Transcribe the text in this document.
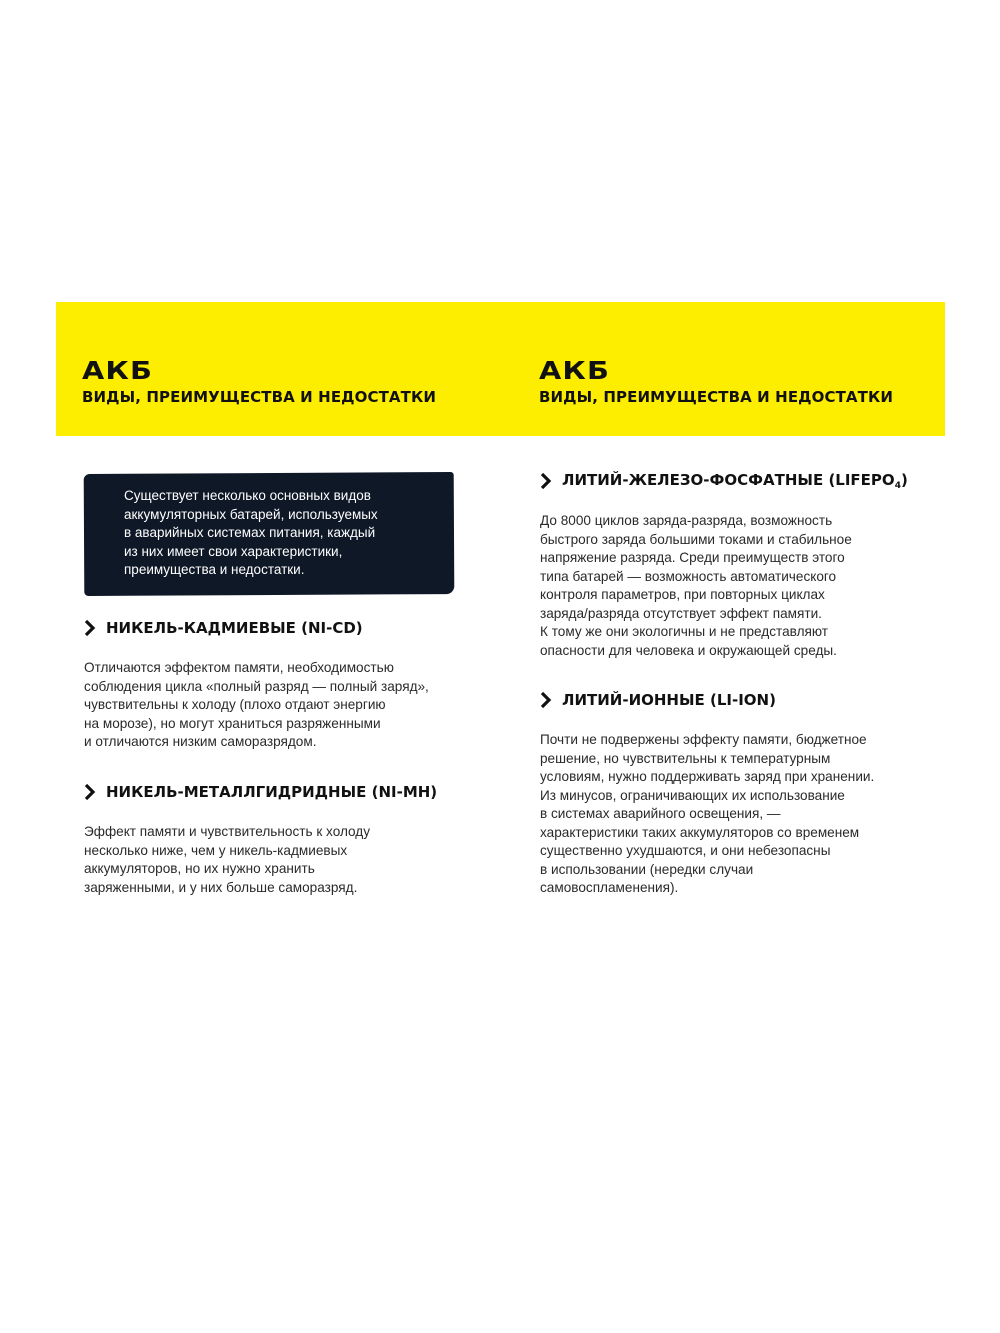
АКБ
ВИДЫ, ПРЕИМУЩЕСТВА И НЕДОСТАТКИ
АКБ
ВИДЫ, ПРЕИМУЩЕСТВА И НЕДОСТАТКИ
Существует несколько основных видов
аккумуляторных батарей, используемых
в аварийных системах питания, каждый
из них имеет свои характеристики,
преимущества и недостатки.
НИКЕЛЬ-КАДМИЕВЫЕ (NI-CD)
Отличаются эффектом памяти, необходимостью
соблюдения цикла «полный разряд — полный заряд»,
чувствительны к холоду (плохо отдают энергию
на морозе), но могут храниться разряженными
и отличаются низким саморазрядом.
НИКЕЛЬ-МЕТАЛЛГИДРИДНЫЕ (NI-MH)
Эффект памяти и чувствительность к холоду
несколько ниже, чем у никель-кадмиевых
аккумуляторов, но их нужно хранить
заряженными, и у них больше саморазряд.
ЛИТИЙ-ЖЕЛЕЗО-ФОСФАТНЫЕ $(LIFEPO_4)$
До 8000 циклов заряда-разряда, возможность
быстрого заряда большими токами и стабильное
напряжение разряда. Среди преимуществ этого
типа батарей — возможность автоматического
контроля параметров, при повторных циклах
заряда/разряда отсутствует эффект памяти.
К тому же они экологичны и не представляют
опасности для человека и окружающей среды.
ЛИТИЙ-ИОННЫЕ (LI-ION)
Почти не подвержены эффекту памяти, бюджетное
решение, но чувствительны к температурным
условиям, нужно поддерживать заряд при хранении.
Из минусов, ограничивающих их использование
в системах аварийного освещения, —
характеристики таких аккумуляторов со временем
существенно ухудшаются, и они небезопасны
в использовании (нередки случаи
самовоспламенения).
